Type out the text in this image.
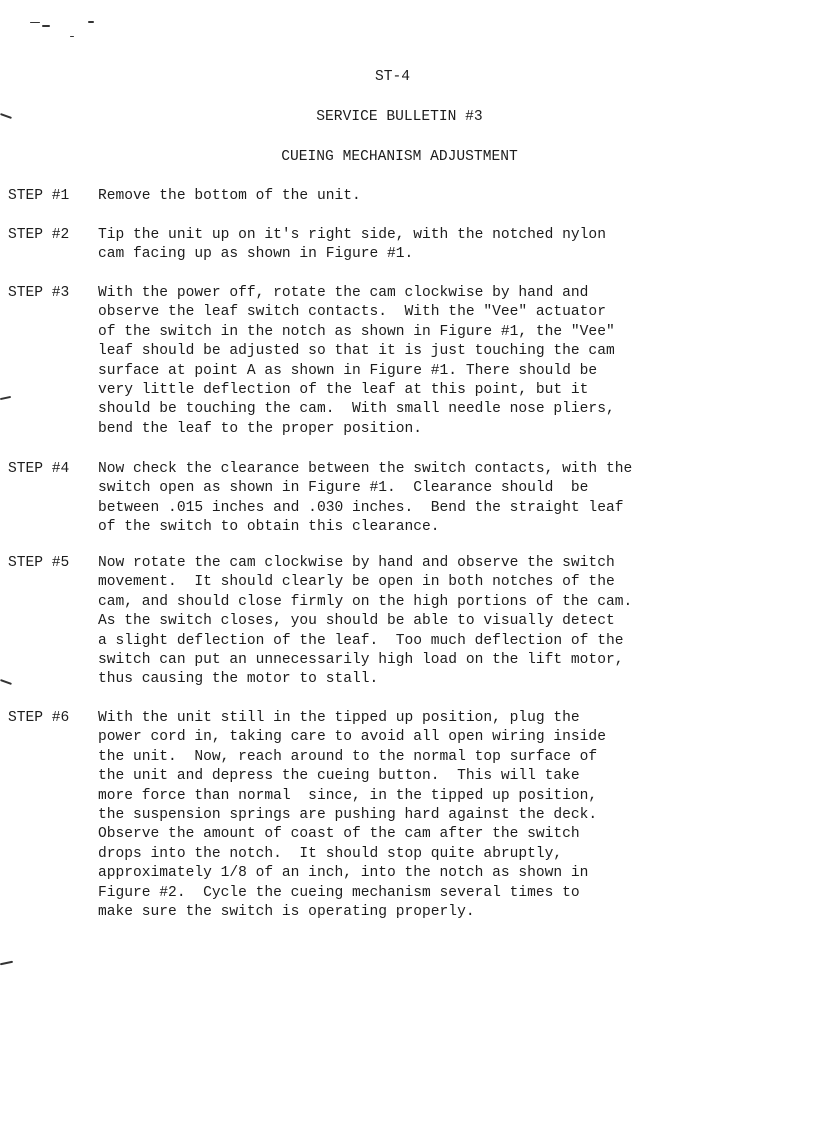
ST-4
SERVICE BULLETIN #3
CUEING MECHANISM ADJUSTMENT
STEP #1 Remove the bottom of the unit.
STEP #2 Tip the unit up on it's right side, with the notched nylon
cam facing up as shown in Figure #1.
STEP #3 With the power off, rotate the cam clockwise by hand and
observe the leaf switch contacts.  With the "Vee" actuator
of the switch in the notch as shown in Figure #1, the "Vee"
leaf should be adjusted so that it is just touching the cam
surface at point A as shown in Figure #1. There should be
very little deflection of the leaf at this point, but it
should be touching the cam.  With small needle nose pliers,
bend the leaf to the proper position.
STEP #4 Now check the clearance between the switch contacts, with the
switch open as shown in Figure #1.  Clearance should  be
between .015 inches and .030 inches.  Bend the straight leaf
of the switch to obtain this clearance.
STEP #5 Now rotate the cam clockwise by hand and observe the switch
movement.  It should clearly be open in both notches of the
cam, and should close firmly on the high portions of the cam.
As the switch closes, you should be able to visually detect
a slight deflection of the leaf.  Too much deflection of the
switch can put an unnecessarily high load on the lift motor,
thus causing the motor to stall.
STEP #6 With the unit still in the tipped up position, plug the
power cord in, taking care to avoid all open wiring inside
the unit.  Now, reach around to the normal top surface of
the unit and depress the cueing button.  This will take
more force than normal  since, in the tipped up position,
the suspension springs are pushing hard against the deck.
Observe the amount of coast of the cam after the switch
drops into the notch.  It should stop quite abruptly,
approximately 1/8 of an inch, into the notch as shown in
Figure #2.  Cycle the cueing mechanism several times to
make sure the switch is operating properly.
